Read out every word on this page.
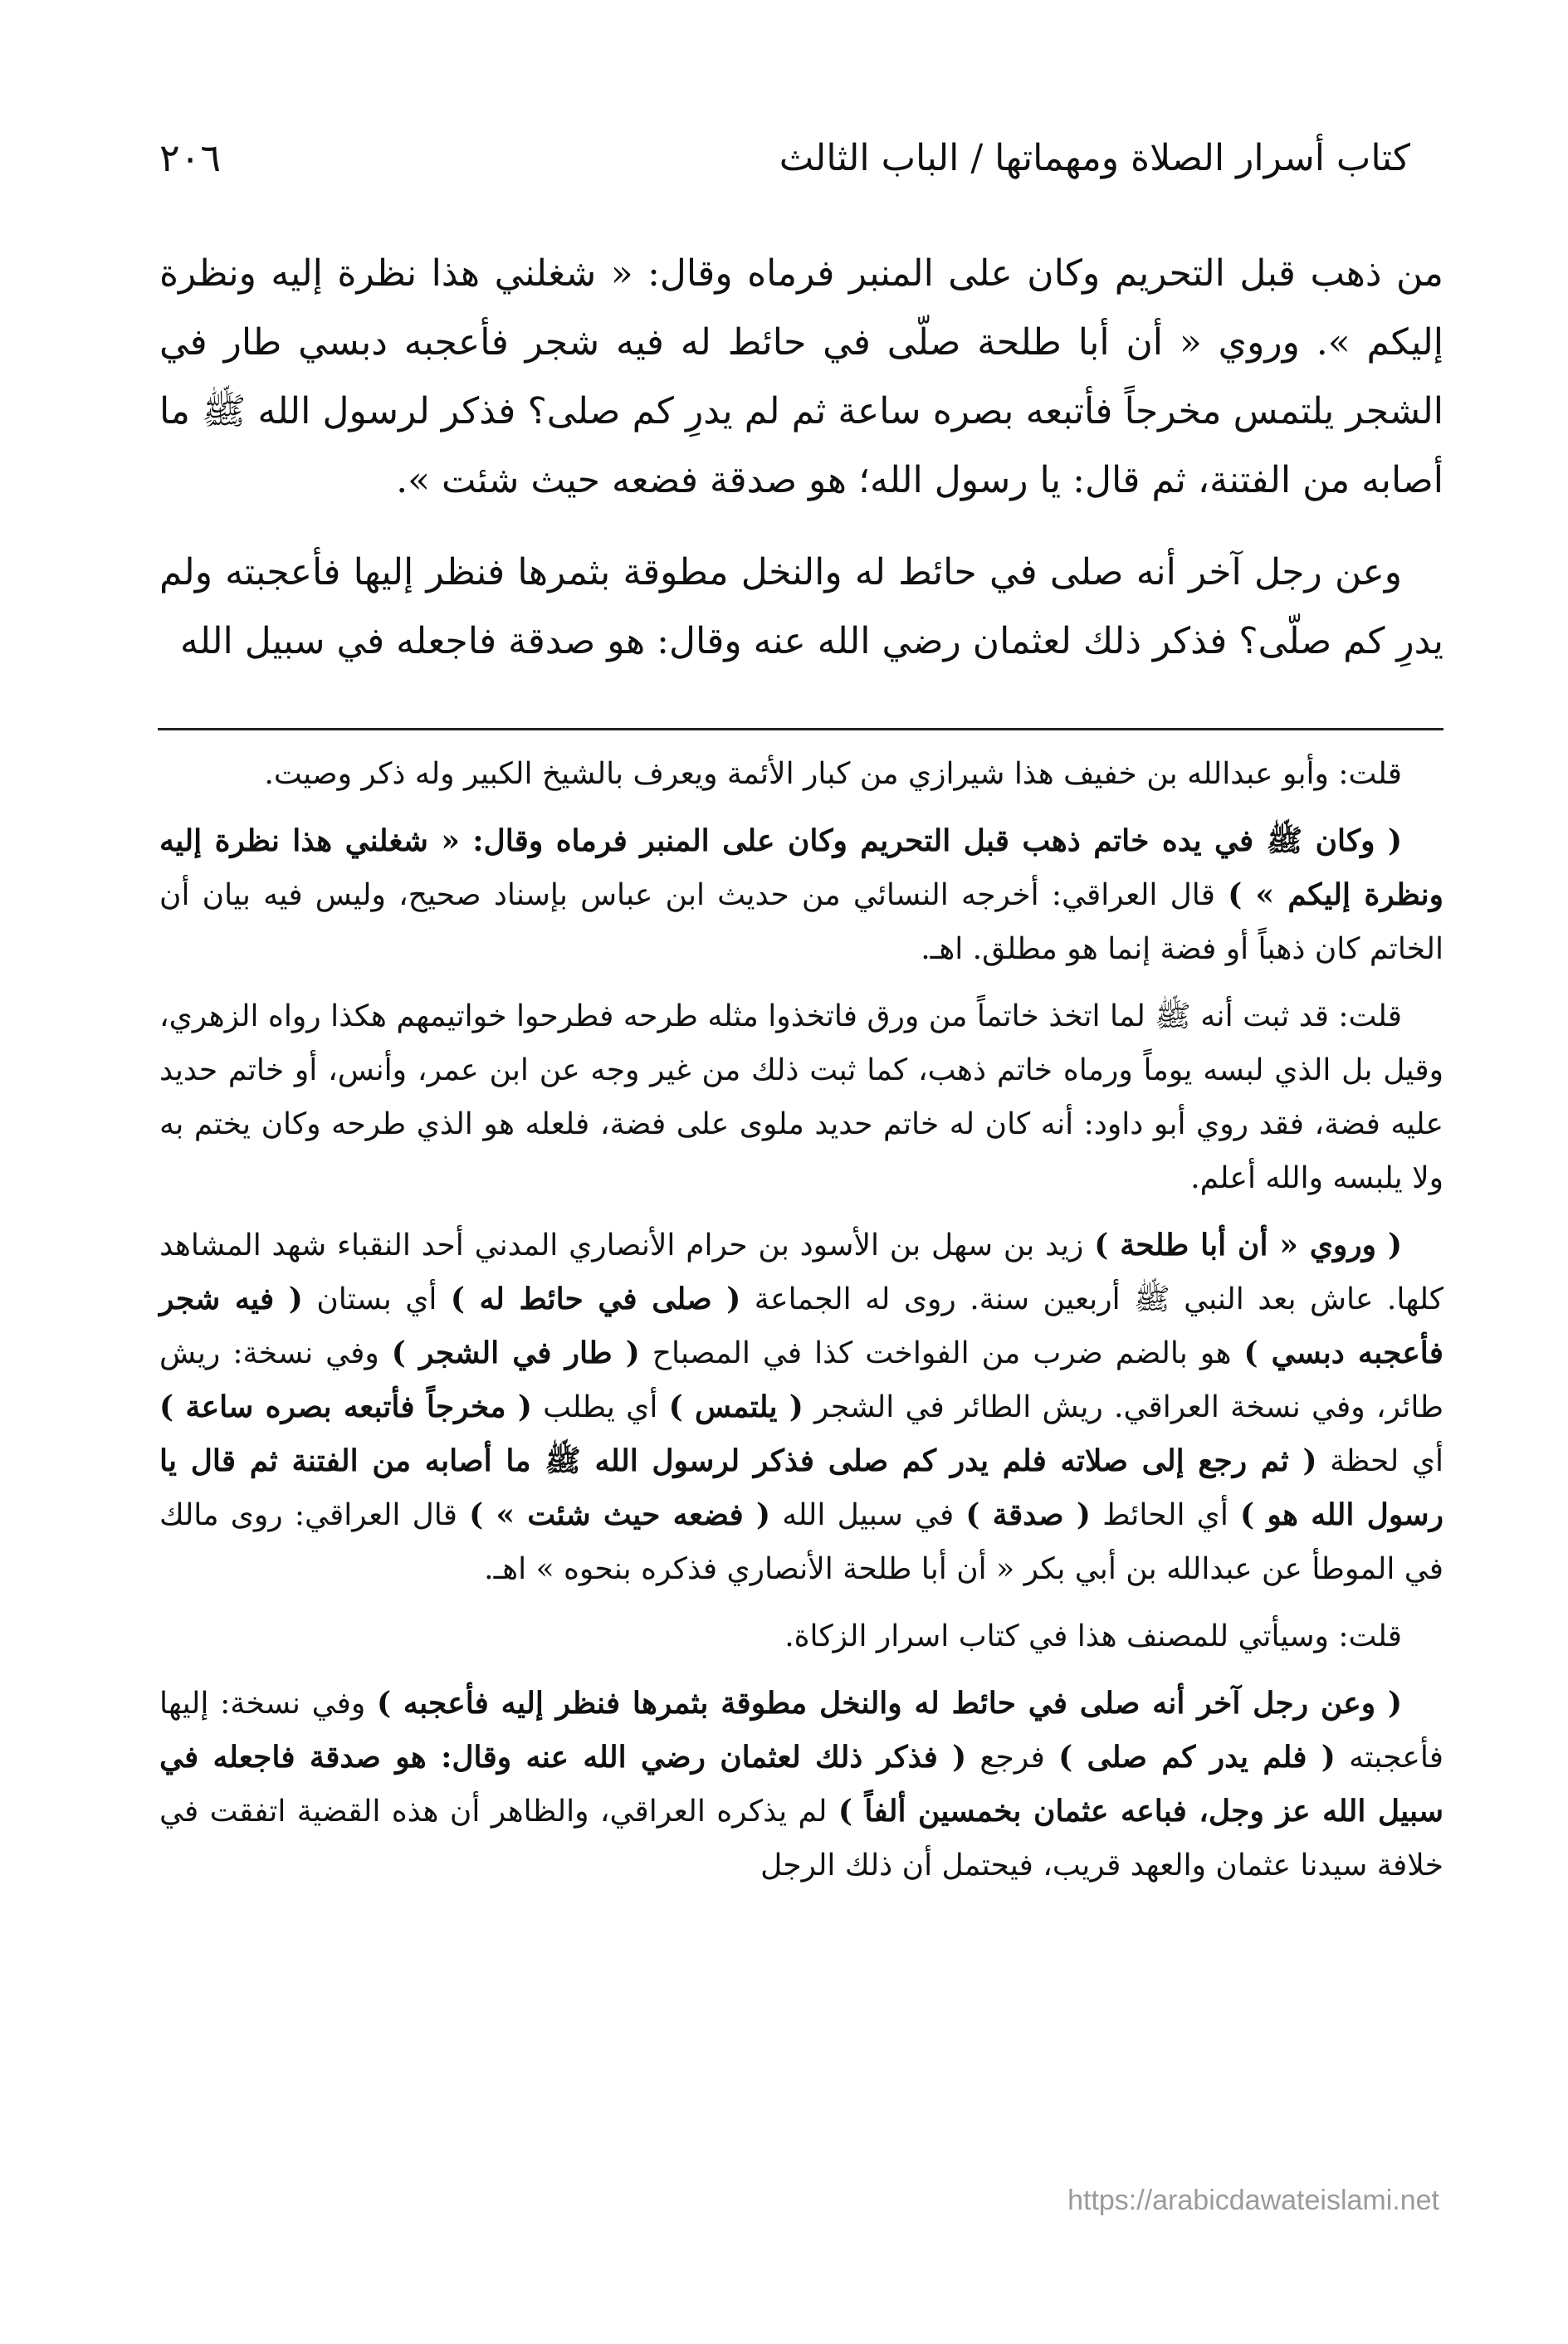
كتاب أسرار الصلاة ومهماتها / الباب الثالث
٢٠٦

من ذهب قبل التحريم وكان على المنبر فرماه وقال: « شغلني هذا نظرة إليه ونظرة إليكم ». وروي « أن أبا طلحة صلّى في حائط له فيه شجر فأعجبه دبسي طار في الشجر يلتمس مخرجاً فأتبعه بصره ساعة ثم لم يدرِ كم صلى؟ فذكر لرسول الله ﷺ ما أصابه من الفتنة، ثم قال: يا رسول الله؛ هو صدقة فضعه حيث شئت ».

وعن رجل آخر أنه صلى في حائط له والنخل مطوقة بثمرها فنظر إليها فأعجبته ولم يدرِ كم صلّى؟ فذكر ذلك لعثمان رضي الله عنه وقال: هو صدقة فاجعله في سبيل الله

قلت: وأبو عبدالله بن خفيف هذا شيرازي من كبار الأئمة ويعرف بالشيخ الكبير وله ذكر وصيت.

( وكان ﷺ في يده خاتم ذهب قبل التحريم وكان على المنبر فرماه وقال: « شغلني هذا نظرة إليه ونظرة إليكم » ) قال العراقي: أخرجه النسائي من حديث ابن عباس بإسناد صحيح، وليس فيه بيان أن الخاتم كان ذهباً أو فضة إنما هو مطلق. اهـ.

قلت: قد ثبت أنه ﷺ لما اتخذ خاتماً من ورق فاتخذوا مثله طرحه فطرحوا خواتيمهم هكذا رواه الزهري، وقيل بل الذي لبسه يوماً ورماه خاتم ذهب، كما ثبت ذلك من غير وجه عن ابن عمر، وأنس، أو خاتم حديد عليه فضة، فقد روي أبو داود: أنه كان له خاتم حديد ملوى على فضة، فلعله هو الذي طرحه وكان يختم به ولا يلبسه والله أعلم.

( وروي « أن أبا طلحة ) زيد بن سهل بن الأسود بن حرام الأنصاري المدني أحد النقباء شهد المشاهد كلها. عاش بعد النبي ﷺ أربعين سنة. روى له الجماعة ( صلى في حائط له ) أي بستان ( فيه شجر فأعجبه دبسي ) هو بالضم ضرب من الفواخت كذا في المصباح ( طار في الشجر ) وفي نسخة: ريش طائر، وفي نسخة العراقي. ريش الطائر في الشجر ( يلتمس ) أي يطلب ( مخرجاً فأتبعه بصره ساعة ) أي لحظة ( ثم رجع إلى صلاته فلم يدر كم صلى فذكر لرسول الله ﷺ ما أصابه من الفتنة ثم قال يا رسول الله هو ) أي الحائط ( صدقة ) في سبيل الله ( فضعه حيث شئت » ) قال العراقي: روى مالك في الموطأ عن عبدالله بن أبي بكر « أن أبا طلحة الأنصاري فذكره بنحوه » اهـ.

قلت: وسيأتي للمصنف هذا في كتاب اسرار الزكاة.

( وعن رجل آخر أنه صلى في حائط له والنخل مطوقة بثمرها فنظر إليه فأعجبه ) وفي نسخة: إليها فأعجبته ( فلم يدر كم صلى ) فرجع ( فذكر ذلك لعثمان رضي الله عنه وقال: هو صدقة فاجعله في سبيل الله عز وجل، فباعه عثمان بخمسين ألفاً ) لم يذكره العراقي، والظاهر أن هذه القضية اتفقت في خلافة سيدنا عثمان والعهد قريب، فيحتمل أن ذلك الرجل

https://arabicdawateislami.net
